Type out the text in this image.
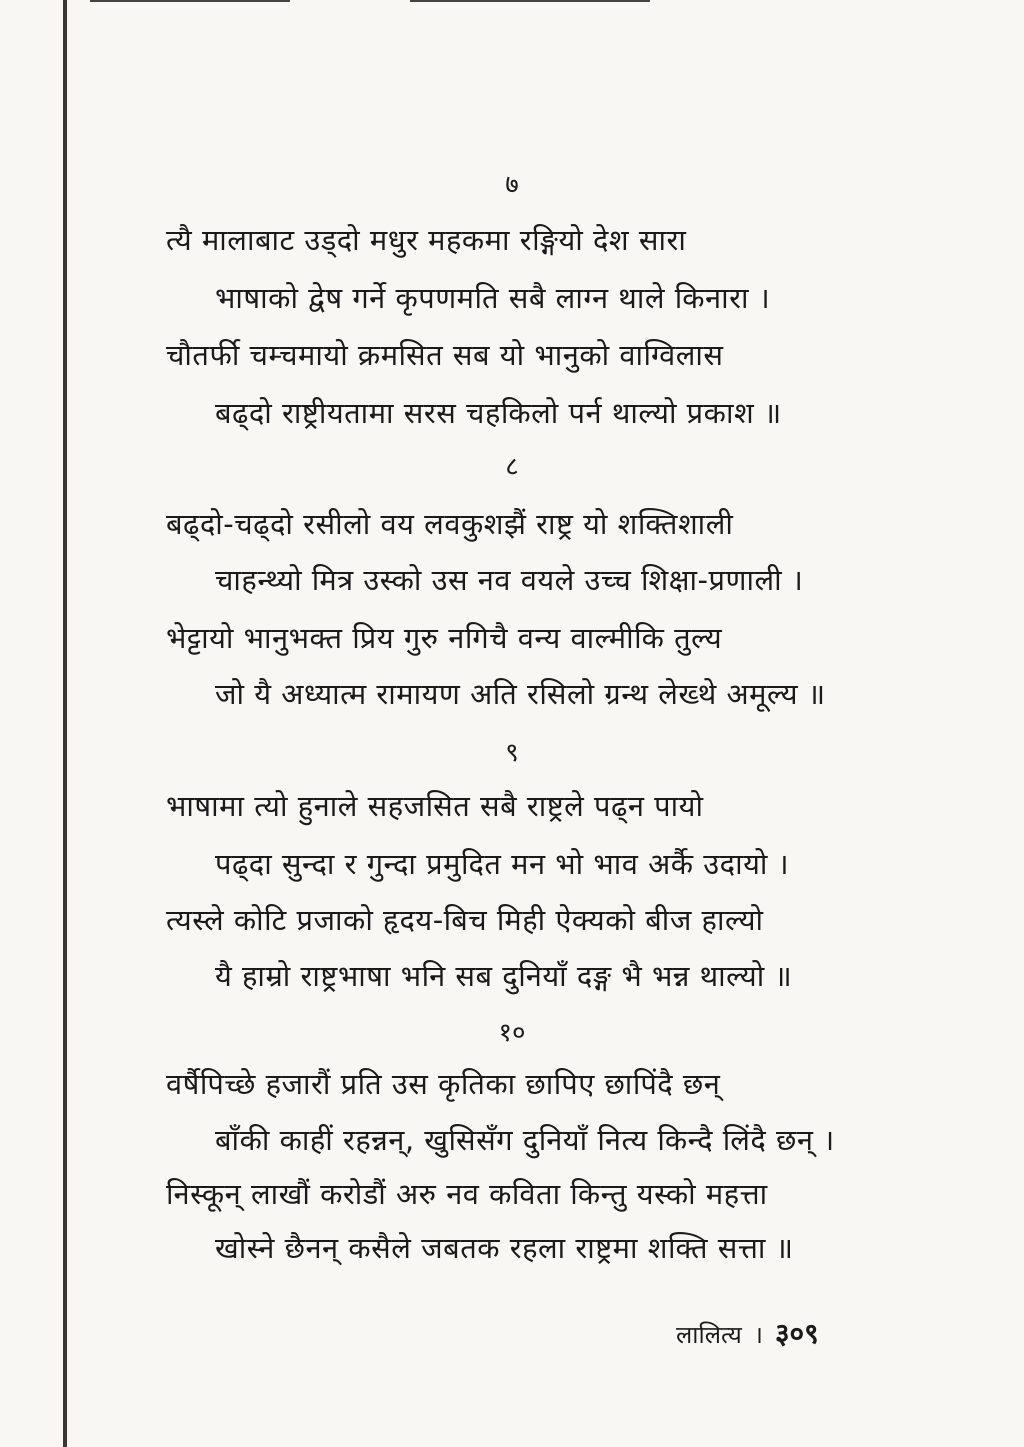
७
त्यै मालाबाट उड्दो मधुर महकमा रङ्गियो देश सारा
भाषाको द्वेष गर्ने कृपणमति सबै लाग्न थाले किनारा ।
चौतर्फी चम्चमायो क्रमसित सब यो भानुको वाग्विलास
बढ्दो राष्ट्रीयतामा सरस चहकिलो पर्न थाल्यो प्रकाश ॥
८
बढ्दो-चढ्दो रसीलो वय लवकुशझैं राष्ट्र यो शक्तिशाली
चाहन्थ्यो मित्र उस्को उस नव वयले उच्च शिक्षा-प्रणाली ।
भेट्टायो भानुभक्त प्रिय गुरु नगिचै वन्य वाल्मीकि तुल्य
जो यै अध्यात्म रामायण अति रसिलो ग्रन्थ लेख्थे अमूल्य ॥
९
भाषामा त्यो हुनाले सहजसित सबै राष्ट्रले पढ्न पायो
पढ्दा सुन्दा र गुन्दा प्रमुदित मन भो भाव अर्कै उदायो ।
त्यस्ले कोटि प्रजाको हृदय-बिच मिही ऐक्यको बीज हाल्यो
यै हाम्रो राष्ट्रभाषा भनि सब दुनियाँ दङ्ग भै भन्न थाल्यो ॥
१०
वर्षैपिच्छे हजारौं प्रति उस कृतिका छापिए छापिंदै छन्
बाँकी काहीं रहन्नन्, खुसिसँग दुनियाँ नित्य किन्दै लिंदै छन् ।
निस्कून् लाखौं करोडौं अरु नव कविता किन्तु यस्को महत्ता
खोस्ने छैनन् कसैले जबतक रहला राष्ट्रमा शक्ति सत्ता ॥
लालित्य । ३०९
